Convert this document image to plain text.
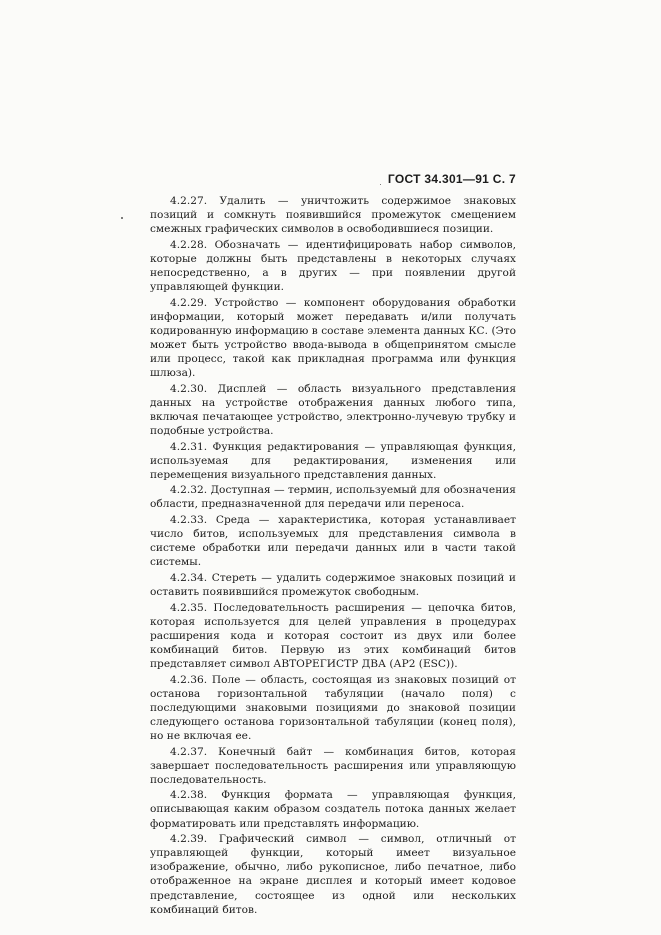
ГОСТ 34.301—91 С. 7

4.2.27. Удалить — уничтожить содержимое знаковых позиций и сомкнуть появившийся промежуток смещением смежных графических символов в освободившиеся позиции.

4.2.28. Обозначать — идентифицировать набор символов, которые должны быть представлены в некоторых случаях непосредственно, а в других — при появлении другой управляющей функции.

4.2.29. Устройство — компонент оборудования обработки информации, который может передавать и/или получать кодированную информацию в составе элемента данных КС. (Это может быть устройство ввода-вывода в общепринятом смысле или процесс, такой как прикладная программа или функция шлюза).

4.2.30. Дисплей — область визуального представления данных на устройстве отображения данных любого типа, включая печатающее устройство, электронно-лучевую трубку и подобные устройства.

4.2.31. Функция редактирования — управляющая функция, используемая для редактирования, изменения или перемещения визуального представления данных.

4.2.32. Доступная — термин, используемый для обозначения области, предназначенной для передачи или переноса.

4.2.33. Среда — характеристика, которая устанавливает число битов, используемых для представления символа в системе обработки или передачи данных или в части такой системы.

4.2.34. Стереть — удалить содержимое знаковых позиций и оставить появившийся промежуток свободным.

4.2.35. Последовательность расширения — цепочка битов, которая используется для целей управления в процедурах расширения кода и которая состоит из двух или более комбинаций битов. Первую из этих комбинаций битов представляет символ АВТОРЕГИСТР ДВА (АР2 (ESC)).

4.2.36. Поле — область, состоящая из знаковых позиций от останова горизонтальной табуляции (начало поля) с последующими знаковыми позициями до знаковой позиции следующего останова горизонтальной табуляции (конец поля), но не включая ее.

4.2.37. Конечный байт — комбинация битов, которая завершает последовательность расширения или управляющую последовательность.

4.2.38. Функция формата — управляющая функция, описывающая каким образом создатель потока данных желает форматировать или представлять информацию.

4.2.39. Графический символ — символ, отличный от управляющей функции, который имеет визуальное изображение, обычно, либо рукописное, либо печатное, либо отображенное на экране дисплея и который имеет кодовое представление, состоящее из одной или нескольких комбинаций битов.
